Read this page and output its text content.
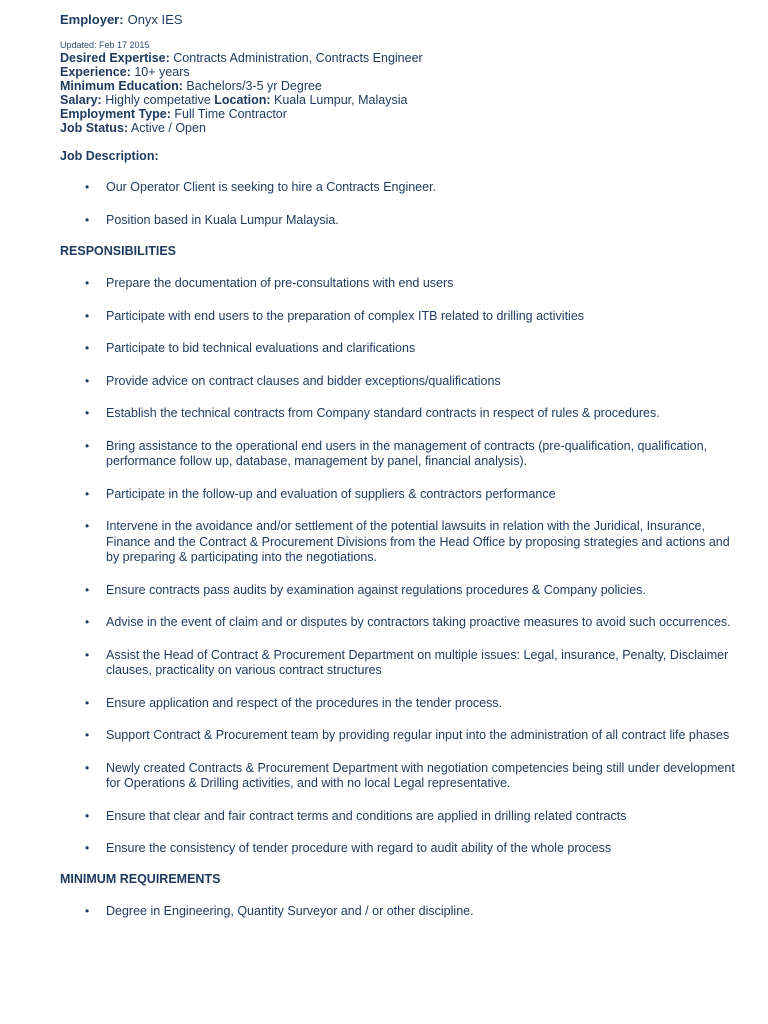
Employer: Onyx IES

Updated: Feb 17 2015
Desired Expertise: Contracts Administration, Contracts Engineer
Experience: 10+ years
Minimum Education: Bachelors/3-5 yr Degree
Salary: Highly competative Location: Kuala Lumpur, Malaysia
Employment Type: Full Time Contractor
Job Status: Active / Open
Job Description:
• Our Operator Client is seeking to hire a Contracts Engineer.
• Position based in Kuala Lumpur Malaysia.
RESPONSIBILITIES
• Prepare the documentation of pre-consultations with end users
• Participate with end users to the preparation of complex ITB related to drilling activities
• Participate to bid technical evaluations and clarifications
• Provide advice on contract clauses and bidder exceptions/qualifications
• Establish the technical contracts from Company standard contracts in respect of rules & procedures.
• Bring assistance to the operational end users in the management of contracts (pre-qualification, qualification, performance follow up, database, management by panel, financial analysis).
• Participate in the follow-up and evaluation of suppliers & contractors performance
• Intervene in the avoidance and/or settlement of the potential lawsuits in relation with the Juridical, Insurance, Finance and the Contract & Procurement Divisions from the Head Office by proposing strategies and actions and by preparing & participating into the negotiations.
• Ensure contracts pass audits by examination against regulations procedures & Company policies.
• Advise in the event of claim and or disputes by contractors taking proactive measures to avoid such occurrences.
• Assist the Head of Contract & Procurement Department on multiple issues: Legal, insurance, Penalty, Disclaimer clauses, practicality on various contract structures
• Ensure application and respect of the procedures in the tender process.
• Support Contract & Procurement team by providing regular input into the administration of all contract life phases
• Newly created Contracts & Procurement Department with negotiation competencies being still under development for Operations & Drilling activities, and with no local Legal representative.
• Ensure that clear and fair contract terms and conditions are applied in drilling related contracts
• Ensure the consistency of tender procedure with regard to audit ability of the whole process
MINIMUM REQUIREMENTS
• Degree in Engineering, Quantity Surveyor and / or other discipline.
